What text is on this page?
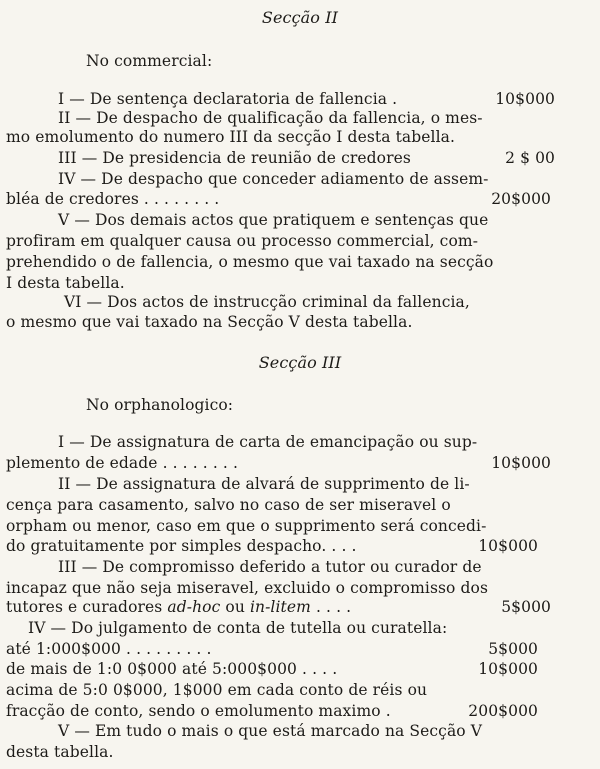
Secção II
No commercial:
I — De sentença declaratoria de fallencia .	10$000
II — De despacho de qualificação da fallencia, o mes-
mo emolumento do numero III da secção I desta tabella.
III — De presidencia de reunião de credores	2 $ 00
IV — De despacho que conceder adiamento de assem-
bléa de credores . . . . . . . .	20$000
V — Dos demais actos que pratiquem e sentenças que
profiram em qualquer causa ou processo commercial, com-
prehendido o de fallencia, o mesmo que vai taxado na secção
I desta tabella.
VI — Dos actos de instrucção criminal da fallencia,
o mesmo que vai taxado na Secção V desta tabella.
Secção III
No orphanologico:
I — De assignatura de carta de emancipação ou sup-
plemento de edade . . . . . . . .	10$000
II — De assignatura de alvará de supprimento de li-
cença para casamento, salvo no caso de ser miseravel o
orpham ou menor, caso em que o supprimento será concedi-
do gratuitamente por simples despacho. . . .	10$000
III — De compromisso deferido a tutor ou curador de
incapaz que não seja miseravel, excluido o compromisso dos
tutores e curadores ad-hoc ou in-litem . . . .	5$000
IV — Do julgamento de conta de tutella ou curatella:
até 1:000$000 . . . . . . . . .	5$000
de mais de 1:0 0$000 até 5:000$000 . . . .	10$000
acima de 5:0 0$000, 1$000 em cada conto de réis ou
fracção de conto, sendo o emolumento maximo .	200$000
V — Em tudo o mais o que está marcado na Secção V
desta tabella.
